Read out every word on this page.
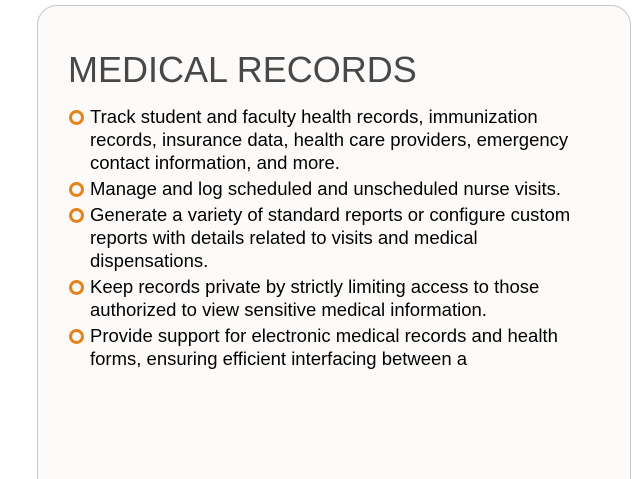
MEDICAL RECORDS
Track student and faculty health records, immunization records, insurance data, health care providers, emergency contact information, and more.
Manage and log scheduled and unscheduled nurse visits.
Generate a variety of standard reports or configure custom reports with details related to visits and medical dispensations.
Keep records private by strictly limiting access to those authorized to view sensitive medical information.
Provide support for electronic medical records and health forms, ensuring efficient interfacing between a
